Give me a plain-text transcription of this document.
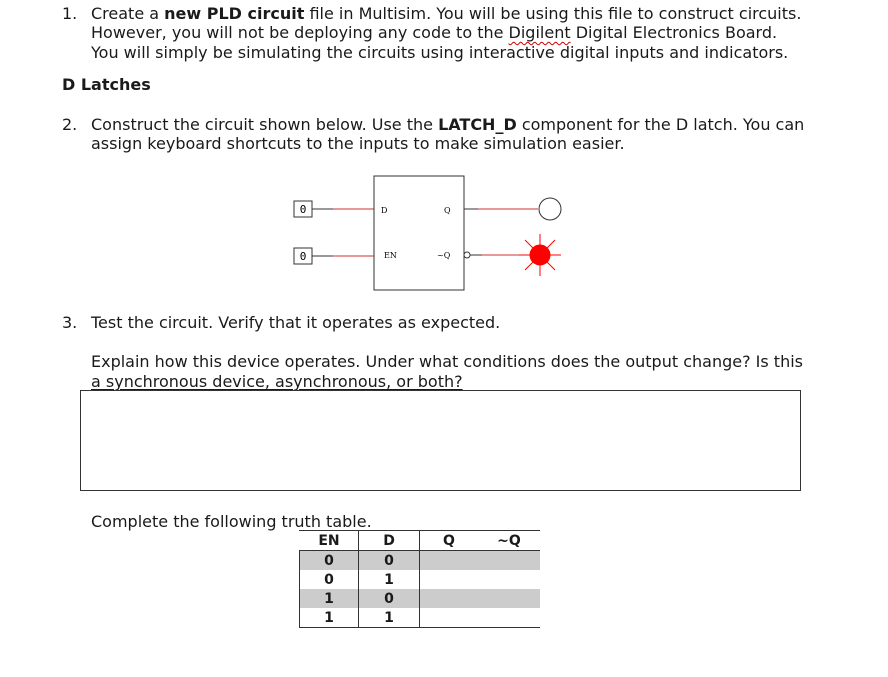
1. Create a new PLD circuit file in Multisim. You will be using this file to construct circuits.
However, you will not be deploying any code to the Digilent Digital Electronics Board.
You will simply be simulating the circuits using interactive digital inputs and indicators.
D Latches
2. Construct the circuit shown below. Use the LATCH_D component for the D latch. You can
assign keyboard shortcuts to the inputs to make simulation easier.
0
0
D	Q
EN	~Q
3. Test the circuit. Verify that it operates as expected.
Explain how this device operates. Under what conditions does the output change? Is this
a synchronous device, asynchronous, or both?
Complete the following truth table.
EN	D	Q	~Q
0	0		
0	1		
1	0		
1	1		
